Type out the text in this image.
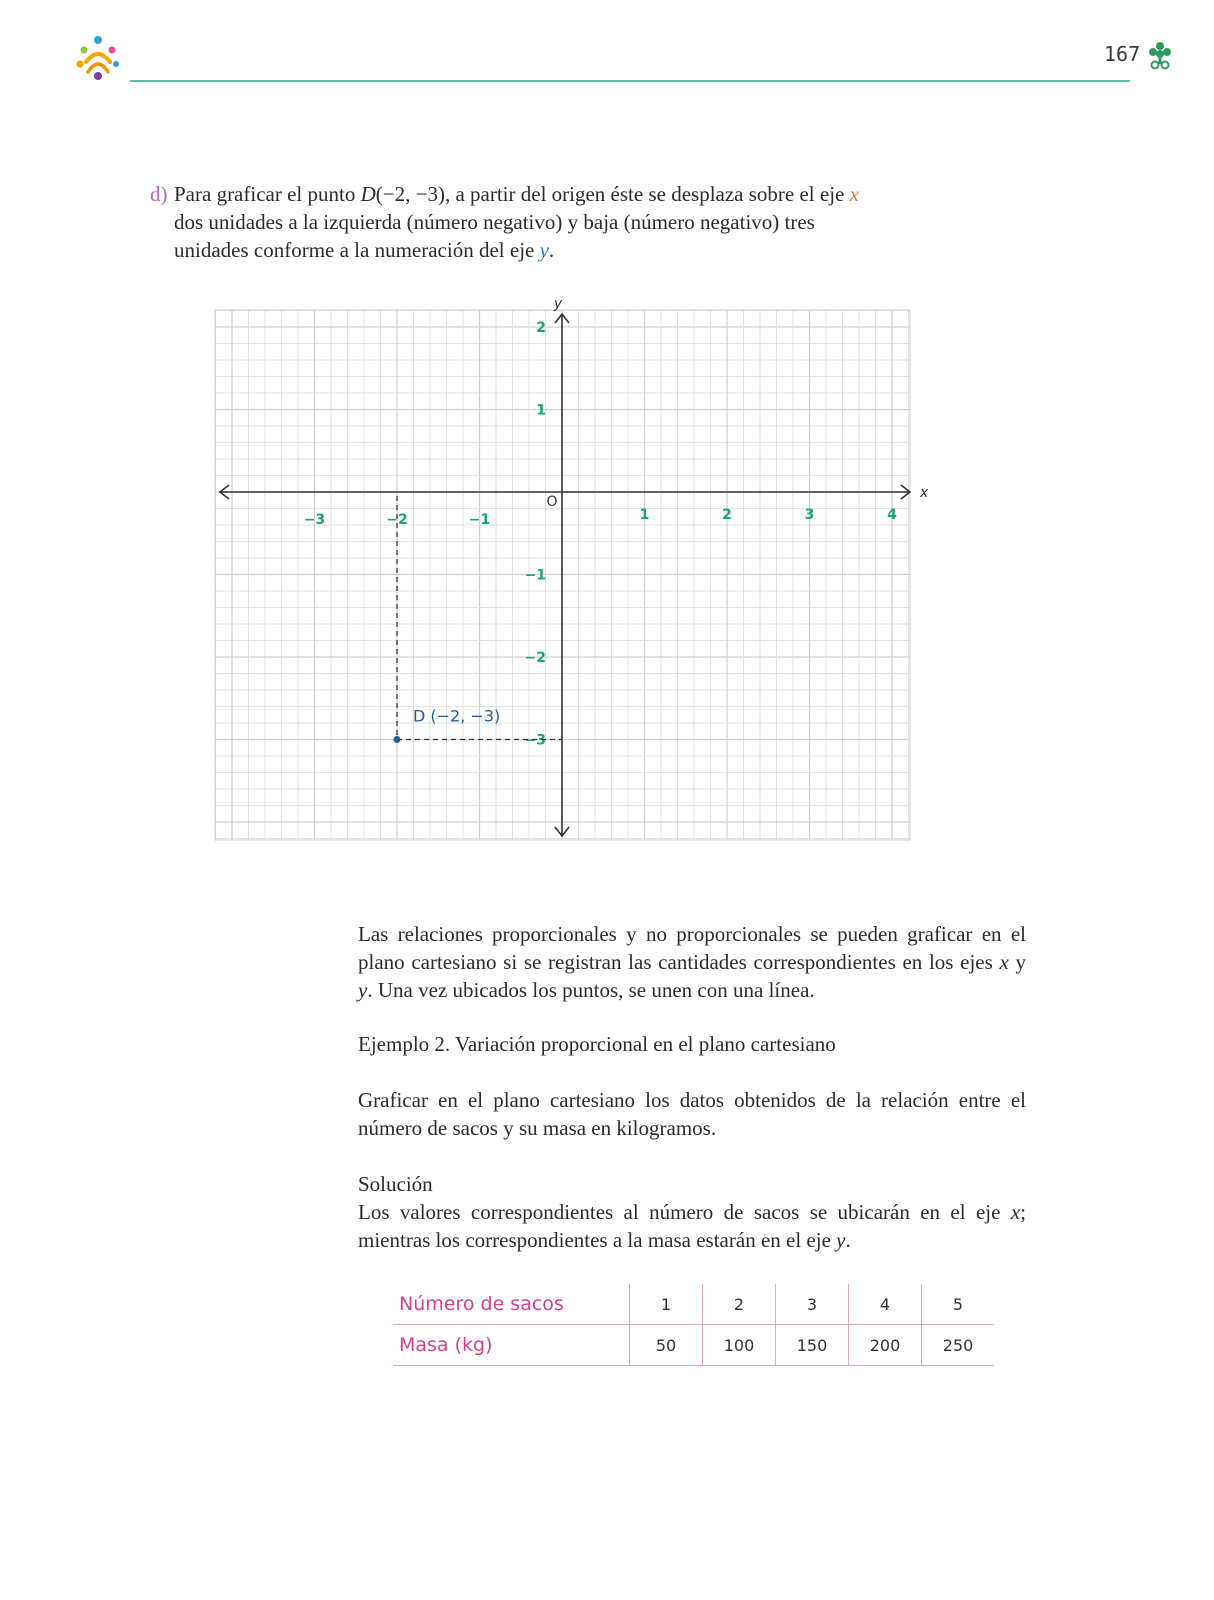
167
d) Para graficar el punto D(−2, −3), a partir del origen éste se desplaza sobre el eje x dos unidades a la izquierda (número negativo) y baja (número negativo) tres unidades conforme a la numeración del eje y.
x
y
O
−3	−2	−1	1	2	3	4
2
1
−1
−2
−3
D (−2, −3)
Las relaciones proporcionales y no proporcionales se pueden graficar en el plano cartesiano si se registran las cantidades correspondientes en los ejes x y y. Una vez ubicados los puntos, se unen con una línea.
Ejemplo 2. Variación proporcional en el plano cartesiano
Graficar en el plano cartesiano los datos obtenidos de la relación entre el número de sacos y su masa en kilogramos.
Solución
Los valores correspondientes al número de sacos se ubicarán en el eje x; mientras los correspondientes a la masa estarán en el eje y.
Número de sacos	1	2	3	4	5
Masa (kg)	50	100	150	200	250
